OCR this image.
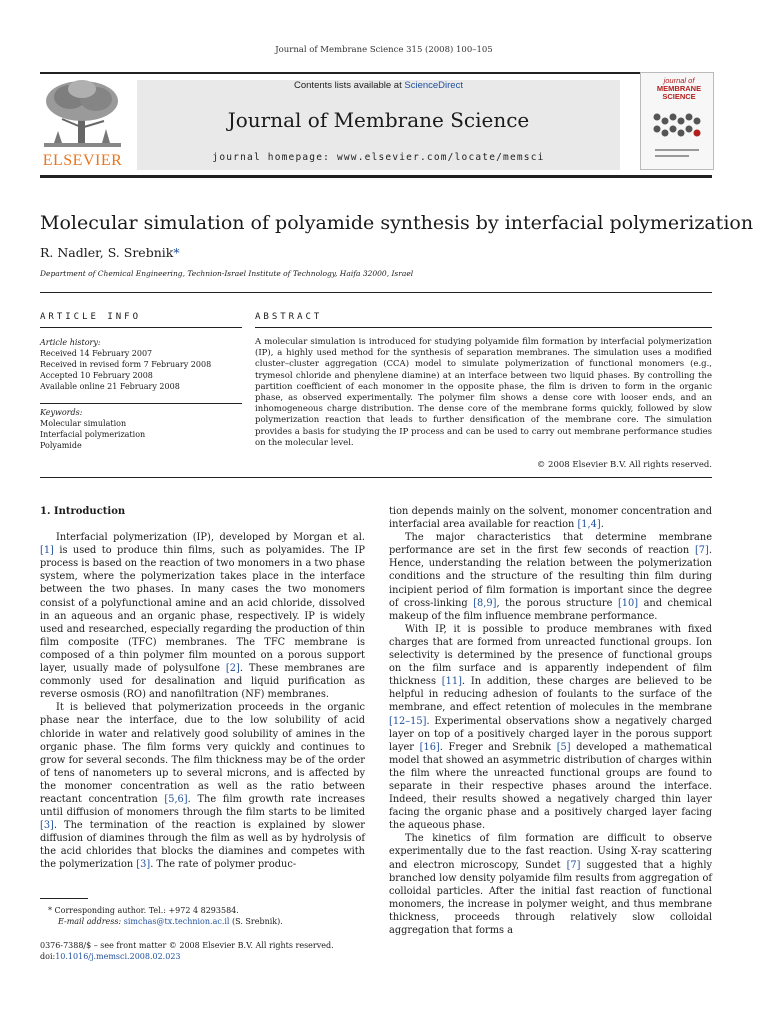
Journal of Membrane Science 315 (2008) 100–105
ELSEVIER
Contents lists available at ScienceDirect
Journal of Membrane Science
journal homepage: www.elsevier.com/locate/memsci
journal of
MEMBRANE
SCIENCE
Molecular simulation of polyamide synthesis by interfacial polymerization
R. Nadler, S. Srebnik*
Department of Chemical Engineering, Technion-Israel Institute of Technology, Haifa 32000, Israel
ARTICLE INFO
Article history:
Received 14 February 2007
Received in revised form 7 February 2008
Accepted 10 February 2008
Available online 21 February 2008
Keywords:
Molecular simulation
Interfacial polymerization
Polyamide
ABSTRACT
A molecular simulation is introduced for studying polyamide film formation by interfacial polymerization (IP), a highly used method for the synthesis of separation membranes. The simulation uses a modified cluster–cluster aggregation (CCA) model to simulate polymerization of functional monomers (e.g., trymesol chloride and phenylene diamine) at an interface between two liquid phases. By controlling the partition coefficient of each monomer in the opposite phase, the film is driven to form in the organic phase, as observed experimentally. The polymer film shows a dense core with looser ends, and an inhomogeneous charge distribution. The dense core of the membrane forms quickly, followed by slow polymerization reaction that leads to further densification of the membrane core. The simulation provides a basis for studying the IP process and can be used to carry out membrane performance studies on the molecular level.
© 2008 Elsevier B.V. All rights reserved.

1. Introduction

Interfacial polymerization (IP), developed by Morgan et al. [1] is used to produce thin films, such as polyamides. The IP process is based on the reaction of two monomers in a two phase system, where the polymerization takes place in the interface between the two phases. In many cases the two monomers consist of a polyfunctional amine and an acid chloride, dissolved in an aqueous and an organic phase, respectively. IP is widely used and researched, especially regarding the production of thin film composite (TFC) membranes. The TFC membrane is composed of a thin polymer film mounted on a porous support layer, usually made of polysulfone [2]. These membranes are commonly used for desalination and liquid purification as reverse osmosis (RO) and nanofiltration (NF) membranes.

It is believed that polymerization proceeds in the organic phase near the interface, due to the low solubility of acid chloride in water and relatively good solubility of amines in the organic phase. The film forms very quickly and continues to grow for several seconds. The film thickness may be of the order of tens of nanometers up to several microns, and is affected by the monomer concentration as well as the ratio between reactant concentration [5,6]. The film growth rate increases until diffusion of monomers through the film starts to be limited [3]. The termination of the reaction is explained by slower diffusion of diamines through the film as well as by hydrolysis of the acid chlorides that blocks the diamines and competes with the polymerization [3]. The rate of polymer produc-

tion depends mainly on the solvent, monomer concentration and interfacial area available for reaction [1,4].

The major characteristics that determine membrane performance are set in the first few seconds of reaction [7]. Hence, understanding the relation between the polymerization conditions and the structure of the resulting thin film during incipient period of film formation is important since the degree of cross-linking [8,9], the porous structure [10] and chemical makeup of the film influence membrane performance.

With IP, it is possible to produce membranes with fixed charges that are formed from unreacted functional groups. Ion selectivity is determined by the presence of functional groups on the film surface and is apparently independent of film thickness [11]. In addition, these charges are believed to be helpful in reducing adhesion of foulants to the surface of the membrane, and effect retention of molecules in the membrane [12–15]. Experimental observations show a negatively charged layer on top of a positively charged layer in the porous support layer [16]. Freger and Srebnik [5] developed a mathematical model that showed an asymmetric distribution of charges within the film where the unreacted functional groups are found to separate in their respective phases around the interface. Indeed, their results showed a negatively charged thin layer facing the organic phase and a positively charged layer facing the aqueous phase.

The kinetics of film formation are difficult to observe experimentally due to the fast reaction. Using X-ray scattering and electron microscopy, Sundet [7] suggested that a highly branched low density polyamide film results from aggregation of colloidal particles. After the initial fast reaction of functional monomers, the increase in polymer weight, and thus membrane thickness, proceeds through relatively slow colloidal aggregation that forms a

* Corresponding author. Tel.: +972 4 8293584.
E-mail address: simchas@tx.technion.ac.il (S. Srebnik).
0376-7388/$ – see front matter © 2008 Elsevier B.V. All rights reserved.
doi:10.1016/j.memsci.2008.02.023
